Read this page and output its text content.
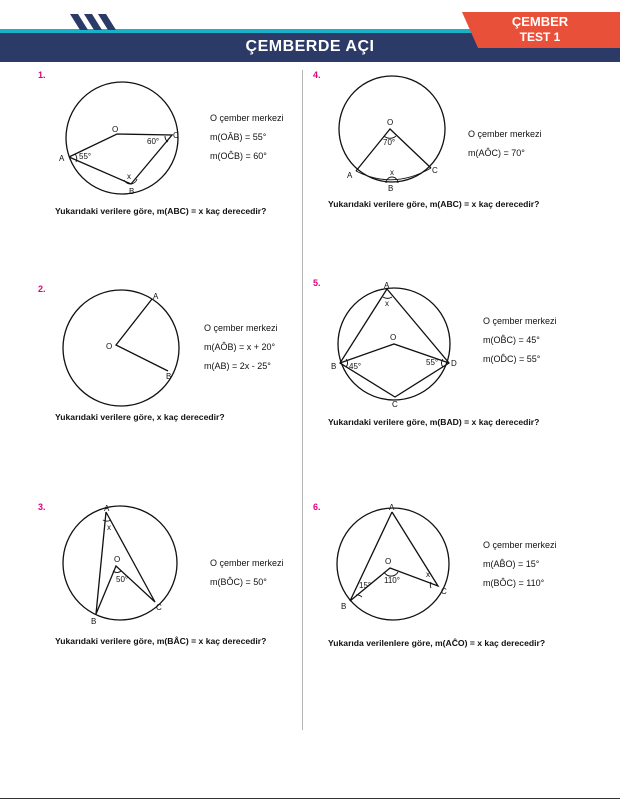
ÇEMBERDE AÇI
ÇEMBER
TEST 1
1.
O
A
B
C
55°
60°
x
O çember merkezi
m(OÂB) = 55°
m(OĈB) = 60°
Yukarıdaki verilere göre, m(ABC) = x kaç derecedir?
2.
O
A
B
O çember merkezi
m(AÔB) = x + 20°
m(AB) = 2x - 25°
Yukarıdaki verilere göre, x kaç derecedir?
3.	A
O
B
C
x
50°
O çember merkezi
m(BÔC) = 50°
Yukarıdaki verilere göre, m(BÂC) = x kaç derecedir?
4.
O
A
B
C
70°
x
O çember merkezi
m(AÔC) = 70°
Yukarıdaki verilere göre, m(ABC) = x kaç derecedir?
5.	A
x
O
B	D
C
45°	55°
O çember merkezi
m(OB̂C) = 45°
m(OD̂C) = 55°
Yukarıdaki verilere göre, m(BAD) = x kaç derecedir?
6.	A
O
B
C
15°
110°
x
O çember merkezi
m(AB̂O) = 15°
m(BÔC) = 110°
Yukarıda verilenlere göre, m(AĈO) = x kaç derecedir?
